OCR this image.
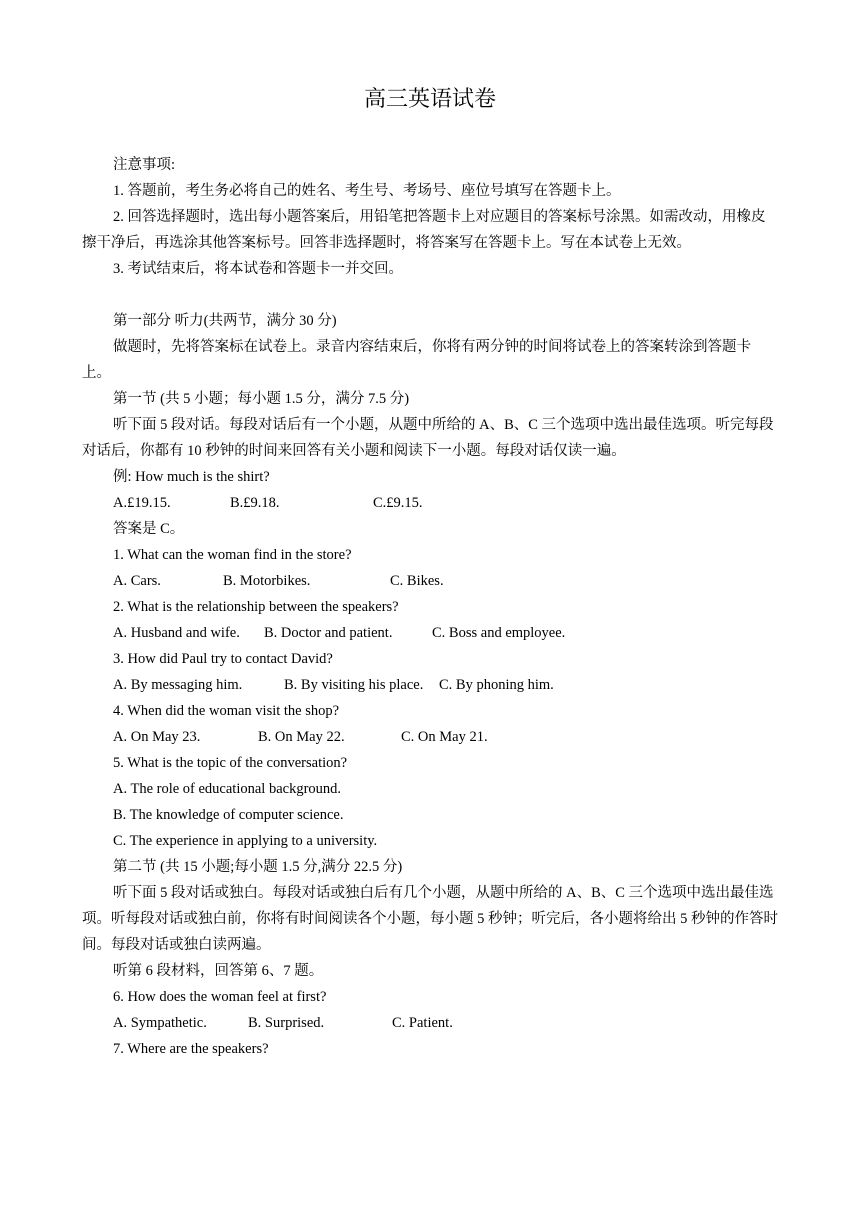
高三英语试卷

注意事项:

1. 答题前，考生务必将自己的姓名、考生号、考场号、座位号填写在答题卡上。

2. 回答选择题时，选出每小题答案后，用铅笔把答题卡上对应题目的答案标号涂黑。如需改动，用橡皮擦干净后，再选涂其他答案标号。回答非选择题时，将答案写在答题卡上。写在本试卷上无效。

3. 考试结束后，将本试卷和答题卡一并交回。

第一部分 听力(共两节，满分 30 分)

做题时，先将答案标在试卷上。录音内容结束后，你将有两分钟的时间将试卷上的答案转涂到答题卡上。

第一节 (共 5 小题；每小题 1.5 分，满分 7.5 分)

听下面 5 段对话。每段对话后有一个小题，从题中所给的 A、B、C 三个选项中选出最佳选项。听完每段对话后，你都有 10 秒钟的时间来回答有关小题和阅读下一小题。每段对话仅读一遍。

例: How much is the shirt?

A.£19.15.	B.£9.18.	C.£9.15.

答案是 C。

1. What can the woman find in the store?

A. Cars.	B. Motorbikes.	C. Bikes.

2. What is the relationship between the speakers?

A. Husband and wife.	B. Doctor and patient.	C. Boss and employee.

3. How did Paul try to contact David?

A. By messaging him.	B. By visiting his place.	C. By phoning him.

4. When did the woman visit the shop?

A. On May 23.	B. On May 22.	C. On May 21.

5. What is the topic of the conversation?

A. The role of educational background.

B. The knowledge of computer science.

C. The experience in applying to a university.

第二节 (共 15 小题;每小题 1.5 分,满分 22.5 分)

听下面 5 段对话或独白。每段对话或独白后有几个小题，从题中所给的 A、B、C 三个选项中选出最佳选项。听每段对话或独白前，你将有时间阅读各个小题，每小题 5 秒钟；听完后，各小题将给出 5 秒钟的作答时间。每段对话或独白读两遍。

听第 6 段材料，回答第 6、7 题。

6. How does the woman feel at first?

A. Sympathetic.	B. Surprised.	C. Patient.

7. Where are the speakers?
